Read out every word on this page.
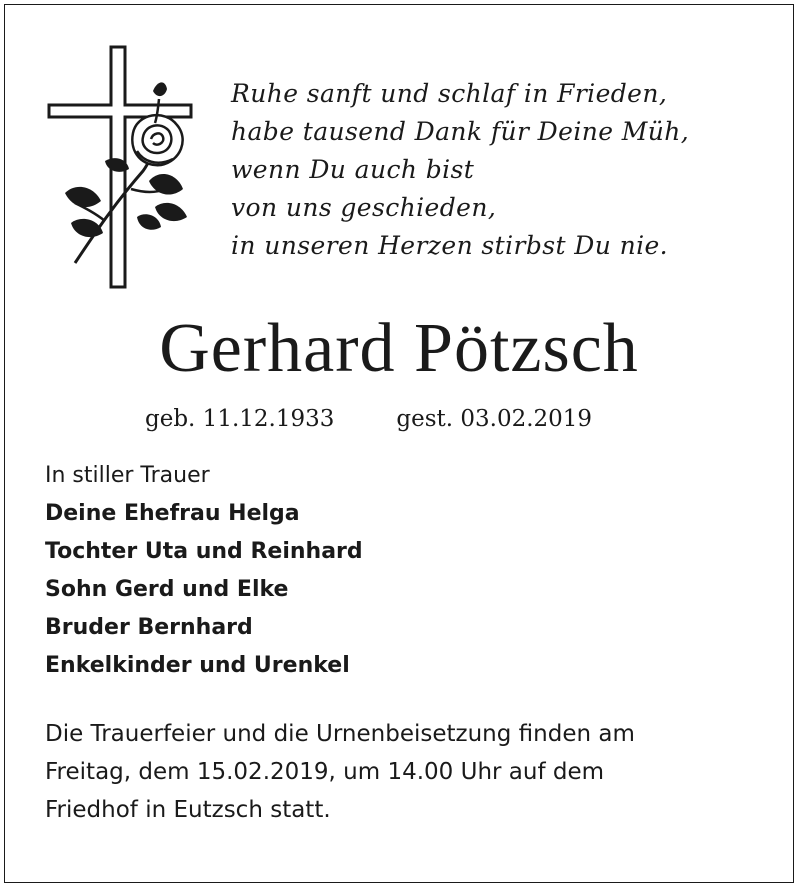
Ruhe sanft und schlaf in Frieden,
habe tausend Dank für Deine Müh,
wenn Du auch bist
von uns geschieden,
in unseren Herzen stirbst Du nie.
Gerhard Pötzsch
geb. 11.12.1933	gest. 03.02.2019
In stiller Trauer
Deine Ehefrau Helga
Tochter Uta und Reinhard
Sohn Gerd und Elke
Bruder Bernhard
Enkelkinder und Urenkel
Die Trauerfeier und die Urnenbeisetzung finden am
Freitag, dem 15.02.2019, um 14.00 Uhr auf dem
Friedhof in Eutzsch statt.
